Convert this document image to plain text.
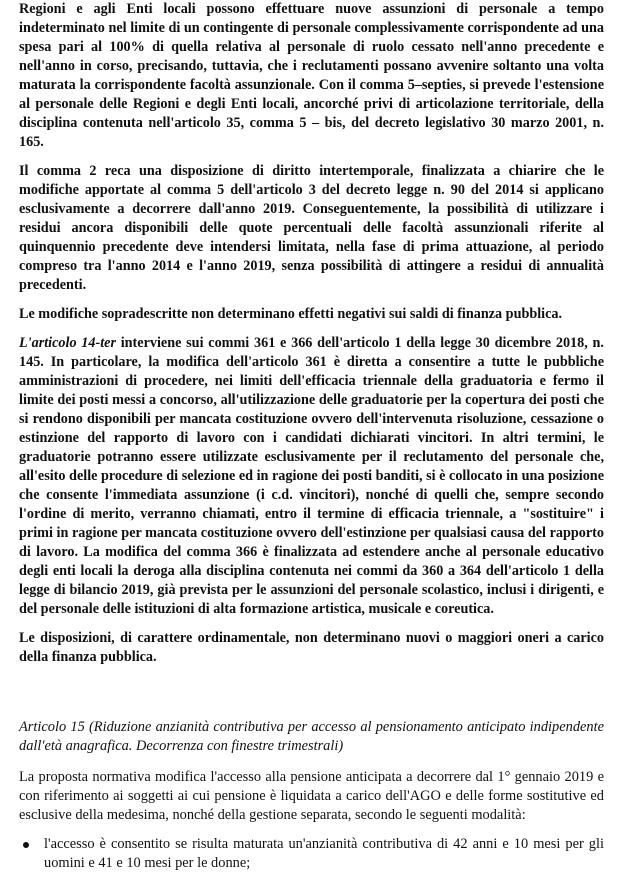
Regioni e agli Enti locali possono effettuare nuove assunzioni di personale a tempo indeterminato nel limite di un contingente di personale complessivamente corrispondente ad una spesa pari al 100% di quella relativa al personale di ruolo cessato nell'anno precedente e nell'anno in corso, precisando, tuttavia, che i reclutamenti possano avvenire soltanto una volta maturata la corrispondente facoltà assunzionale. Con il comma 5–septies, si prevede l'estensione al personale delle Regioni e degli Enti locali, ancorché privi di articolazione territoriale, della disciplina contenuta nell'articolo 35, comma 5 – bis, del decreto legislativo 30 marzo 2001, n. 165.

Il comma 2 reca una disposizione di diritto intertemporale, finalizzata a chiarire che le modifiche apportate al comma 5 dell'articolo 3 del decreto legge n. 90 del 2014 si applicano esclusivamente a decorrere dall'anno 2019. Conseguentemente, la possibilità di utilizzare i residui ancora disponibili delle quote percentuali delle facoltà assunzionali riferite al quinquennio precedente deve intendersi limitata, nella fase di prima attuazione, al periodo compreso tra l'anno 2014 e l'anno 2019, senza possibilità di attingere a residui di annualità precedenti.

Le modifiche sopradescritte non determinano effetti negativi sui saldi di finanza pubblica.

L'articolo 14-ter interviene sui commi 361 e 366 dell'articolo 1 della legge 30 dicembre 2018, n. 145. In particolare, la modifica dell'articolo 361 è diretta a consentire a tutte le pubbliche amministrazioni di procedere, nei limiti dell'efficacia triennale della graduatoria e fermo il limite dei posti messi a concorso, all'utilizzazione delle graduatorie per la copertura dei posti che si rendono disponibili per mancata costituzione ovvero dell'intervenuta risoluzione, cessazione o estinzione del rapporto di lavoro con i candidati dichiarati vincitori. In altri termini, le graduatorie potranno essere utilizzate esclusivamente per il reclutamento del personale che, all'esito delle procedure di selezione ed in ragione dei posti banditi, si è collocato in una posizione che consente l'immediata assunzione (i c.d. vincitori), nonché di quelli che, sempre secondo l'ordine di merito, verranno chiamati, entro il termine di efficacia triennale, a "sostituire" i primi in ragione per mancata costituzione ovvero dell'estinzione per qualsiasi causa del rapporto di lavoro. La modifica del comma 366 è finalizzata ad estendere anche al personale educativo degli enti locali la deroga alla disciplina contenuta nei commi da 360 a 364 dell'articolo 1 della legge di bilancio 2019, già prevista per le assunzioni del personale scolastico, inclusi i dirigenti, e del personale delle istituzioni di alta formazione artistica, musicale e coreutica.

Le disposizioni, di carattere ordinamentale, non determinano nuovi o maggiori oneri a carico della finanza pubblica.

Articolo 15 (Riduzione anzianità contributiva per accesso al pensionamento anticipato indipendente dall'età anagrafica. Decorrenza con finestre trimestrali)

La proposta normativa modifica l'accesso alla pensione anticipata a decorrere dal 1° gennaio 2019 e con riferimento ai soggetti ai cui pensione è liquidata a carico dell'AGO e delle forme sostitutive ed esclusive della medesima, nonché della gestione separata, secondo le seguenti modalità:

l'accesso è consentito se risulta maturata un'anzianità contributiva di 42 anni e 10 mesi per gli uomini e 41 e 10 mesi per le donne;
